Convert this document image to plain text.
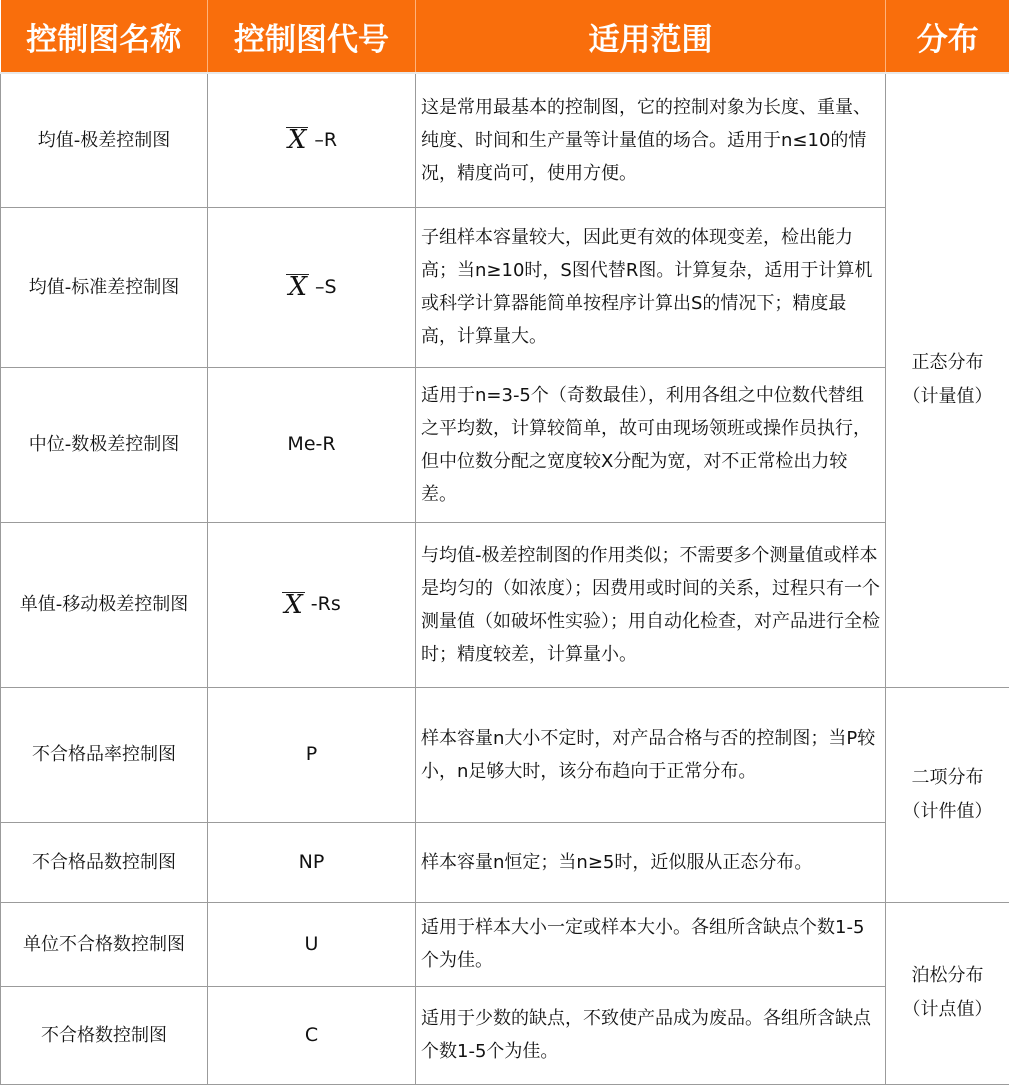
控制图名称	控制图代号	适用范围	分布
均值-极差控制图	X –R	这是常用最基本的控制图，它的控制对象为长度、重量、纯度、时间和生产量等计量值的场合。适用于n≤10的情况，精度尚可，使用方便。	正态分布
（计量值）

均值-标准差控制图	X –S	子组样本容量较大，因此更有效的体现变差，检出能力高；当n≥10时，S图代替R图。计算复杂，适用于计算机或科学计算器能简单按程序计算出S的情况下；精度最高，计算量大。	
中位-数极差控制图	Me-R	适用于n=3-5个（奇数最佳），利用各组之中位数代替组之平均数，计算较简单，故可由现场领班或操作员执行，但中位数分配之宽度较X分配为宽，对不正常检出力较差。	
单值-移动极差控制图	X -Rs	与均值-极差控制图的作用类似；不需要多个测量值或样本是均匀的（如浓度）；因费用或时间的关系，过程只有一个测量值（如破坏性实验）；用自动化检查，对产品进行全检时；精度较差，计算量小。	
不合格品率控制图	P	样本容量n大小不定时，对产品合格与否的控制图；当P较小，n足够大时，该分布趋向于正常分布。	二项分布
（计件值）

不合格品数控制图	NP	样本容量n恒定；当n≥5时，近似服从正态分布。	
单位不合格数控制图	U	适用于样本大小一定或样本大小。各组所含缺点个数1-5个为佳。	泊松分布
（计点值）

不合格数控制图	C	适用于少数的缺点，不致使产品成为废品。各组所含缺点个数1-5个为佳。	
